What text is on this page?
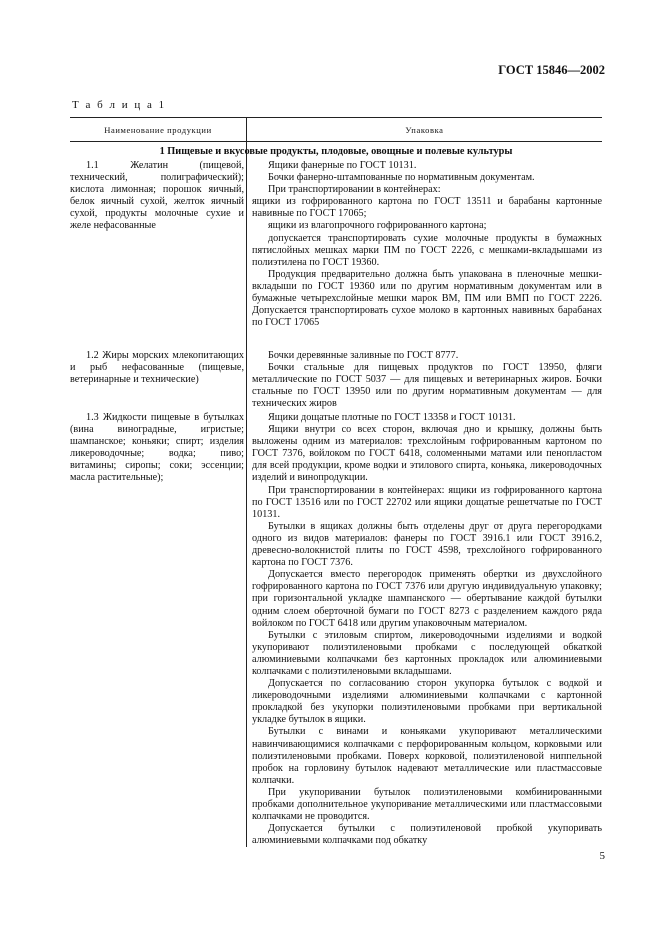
ГОСТ 15846—2002
Т а б л и ц а 1
Наименование продукции	Упаковка
1 Пищевые и вкусовые продукты, плодовые, овощные и полевые культуры

1.1 Желатин (пищевой, технический, полиграфический); кислота лимонная; порошок яичный, белок яичный сухой, желток яичный сухой, продукты молочные сухие и желе нефасованные

Ящики фанерные по ГОСТ 10131.

Бочки фанерно-штампованные по нормативным документам.

При транспортировании в контейнерах:

ящики из гофрированного картона по ГОСТ 13511 и барабаны картонные навивные по ГОСТ 17065;

ящики из влагопрочного гофрированного картона;

допускается транспортировать сухие молочные продукты в бумажных пятислойных мешках марки ПМ по ГОСТ 2226, с мешками-вкладышами из полиэтилена по ГОСТ 19360.

Продукция предварительно должна быть упакована в пленочные мешки-вкладыши по ГОСТ 19360 или по другим нормативным документам или в бумажные четырехслойные мешки марок ВМ, ПМ или ВМП по ГОСТ 2226. Допускается транспортировать сухое молоко в картонных навивных барабанах по ГОСТ 17065

1.2 Жиры морских млекопитающих и рыб нефасованные (пищевые, ветеринарные и технические)

Бочки деревянные заливные по ГОСТ 8777.

Бочки стальные для пищевых продуктов по ГОСТ 13950, фляги металлические по ГОСТ 5037 — для пищевых и ветеринарных жиров. Бочки стальные по ГОСТ 13950 или по другим нормативным документам — для технических жиров

1.3 Жидкости пищевые в бутылках (вина виноградные, игристые; шампанское; коньяки; спирт; изделия ликероводочные; водка; пиво; витамины; сиропы; соки; эссенции; масла растительные);

Ящики дощатые плотные по ГОСТ 13358 и ГОСТ 10131.

Ящики внутри со всех сторон, включая дно и крышку, должны быть выложены одним из материалов: трехслойным гофрированным картоном по ГОСТ 7376, войлоком по ГОСТ 6418, соломенными матами или пенопластом для всей продукции, кроме водки и этилового спирта, коньяка, ликероводочных изделий и винопродукции.

При транспортировании в контейнерах: ящики из гофрированного картона по ГОСТ 13516 или по ГОСТ 22702 или ящики дощатые решетчатые по ГОСТ 10131.

Бутылки в ящиках должны быть отделены друг от друга перегородками одного из видов материалов: фанеры по ГОСТ 3916.1 или ГОСТ 3916.2, древесно-волокнистой плиты по ГОСТ 4598, трехслойного гофрированного картона по ГОСТ 7376.

Допускается вместо перегородок применять обертки из двухслойного гофрированного картона по ГОСТ 7376 или другую индивидуальную упаковку; при горизонтальной укладке шампанского — обертывание каждой бутылки одним слоем оберточной бумаги по ГОСТ 8273 с разделением каждого ряда войлоком по ГОСТ 6418 или другим упаковочным материалом.

Бутылки с этиловым спиртом, ликероводочными изделиями и водкой укупоривают полиэтиленовыми пробками с последующей обкаткой алюминиевыми колпачками без картонных прокладок или алюминиевыми колпачками с полиэтиленовыми вкладышами.

Допускается по согласованию сторон укупорка бутылок с водкой и ликероводочными изделиями алюминиевыми колпачками с картонной прокладкой без укупорки полиэтиленовыми пробками при вертикальной укладке бутылок в ящики.

Бутылки с винами и коньяками укупоривают металлическими навинчивающимися колпачками с перфорированным кольцом, корковыми или полиэтиленовыми пробками. Поверх корковой, полиэтиленовой ниппельной пробок на горловину бутылок надевают металлические или пластмассовые колпачки.

При укупоривании бутылок полиэтиленовыми комбинированными пробками дополнительное укупоривание металлическими или пластмассовыми колпачками не проводится.

Допускается бутылки с полиэтиленовой пробкой укупоривать алюминиевыми колпачками под обкатку

5
